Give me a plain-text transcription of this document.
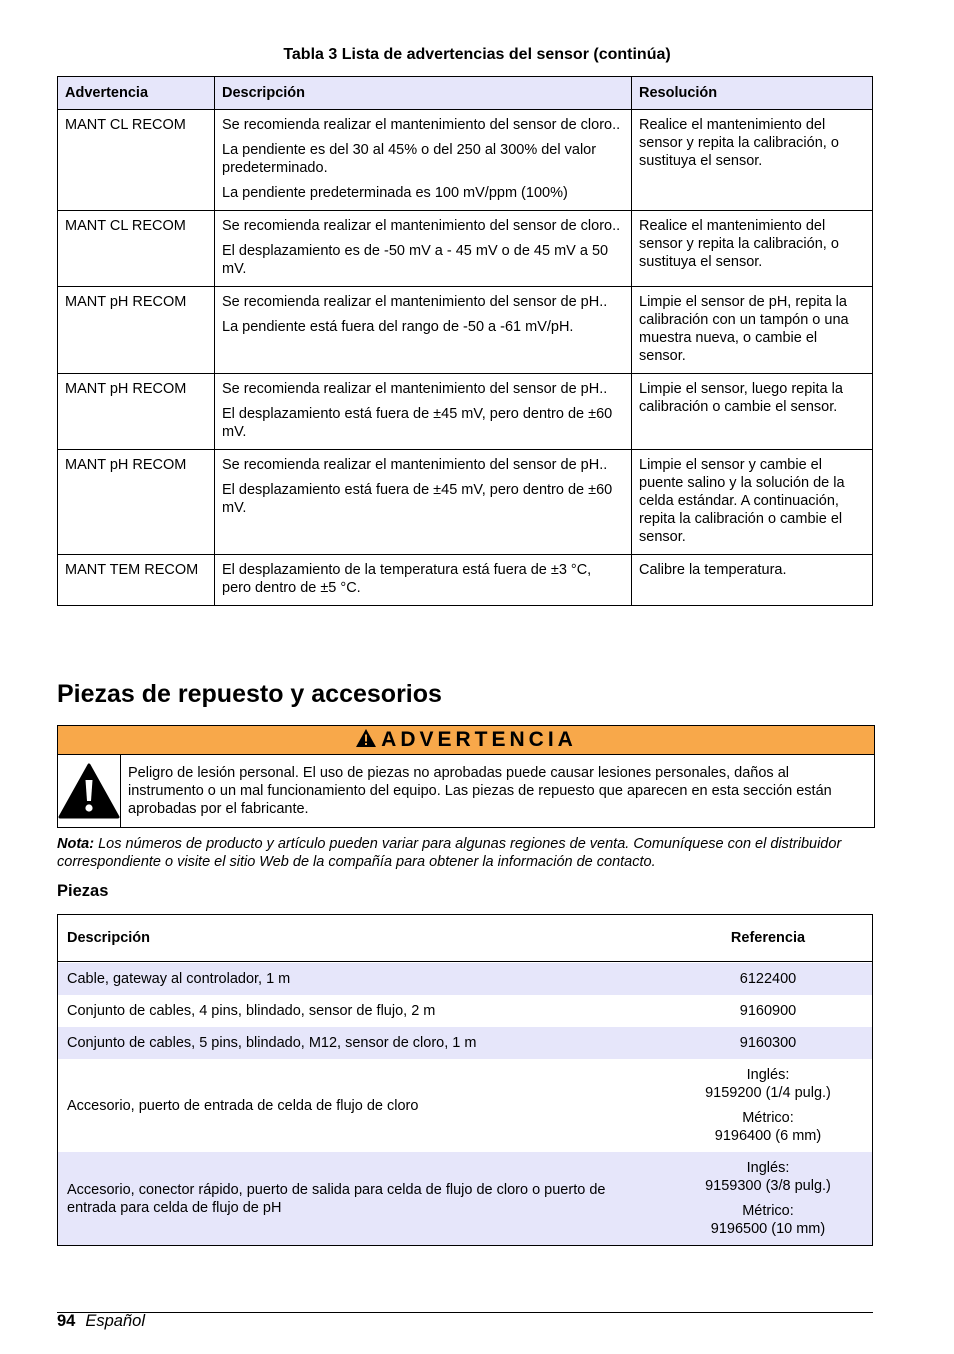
Tabla 3 Lista de advertencias del sensor (continúa)
Advertencia	Descripción	Resolución
MANT CL RECOM	Se recomienda realizar el mantenimiento del sensor de cloro..

La pendiente es del 30 al 45% o del 250 al 300% del valor predeterminado.

La pendiente predeterminada es 100 mV/ppm (100%)	Realice el mantenimiento del sensor y repita la calibración, o sustituya el sensor.
MANT CL RECOM	Se recomienda realizar el mantenimiento del sensor de cloro..

El desplazamiento es de -50 mV a - 45 mV o de 45 mV a 50 mV.	Realice el mantenimiento del sensor y repita la calibración, o sustituya el sensor.
MANT pH RECOM	Se recomienda realizar el mantenimiento del sensor de pH..

La pendiente está fuera del rango de -50 a -61 mV/pH.	Limpie el sensor de pH, repita la calibración con un tampón o una muestra nueva, o cambie el sensor.
MANT pH RECOM	Se recomienda realizar el mantenimiento del sensor de pH..

El desplazamiento está fuera de ±45 mV, pero dentro de ±60 mV.	Limpie el sensor, luego repita la calibración o cambie el sensor.
MANT pH RECOM	Se recomienda realizar el mantenimiento del sensor de pH..

El desplazamiento está fuera de ±45 mV, pero dentro de ±60 mV.	Limpie el sensor y cambie el puente salino y la solución de la celda estándar. A continuación, repita la calibración o cambie el sensor.
MANT TEM RECOM	El desplazamiento de la temperatura está fuera de ±3 °C, pero dentro de ±5 °C.	Calibre la temperatura.
Piezas de repuesto y accesorios
ADVERTENCIA
Peligro de lesión personal. El uso de piezas no aprobadas puede causar lesiones personales, daños al instrumento o un mal funcionamiento del equipo. Las piezas de repuesto que aparecen en esta sección están aprobadas por el fabricante.
Nota: Los números de producto y artículo pueden variar para algunas regiones de venta. Comuníquese con el distribuidor correspondiente o visite el sitio Web de la compañía para obtener la información de contacto.
Piezas
Descripción	Referencia

Cable, gateway al controlador, 1 m	6122400
Conjunto de cables, 4 pins, blindado, sensor de flujo, 2 m	9160900
Conjunto de cables, 5 pins, blindado, M12, sensor de cloro, 1 m	9160300
Accesorio, puerto de entrada de celda de flujo de cloro	Inglés:
9159200 (1/4 pulg.)

Métrico:
9196400 (6 mm)

Accesorio, conector rápido, puerto de salida para celda de flujo de cloro o puerto de entrada para celda de flujo de pH	Inglés:
9159300 (3/8 pulg.)

Métrico:
9196500 (10 mm)

94 Español
